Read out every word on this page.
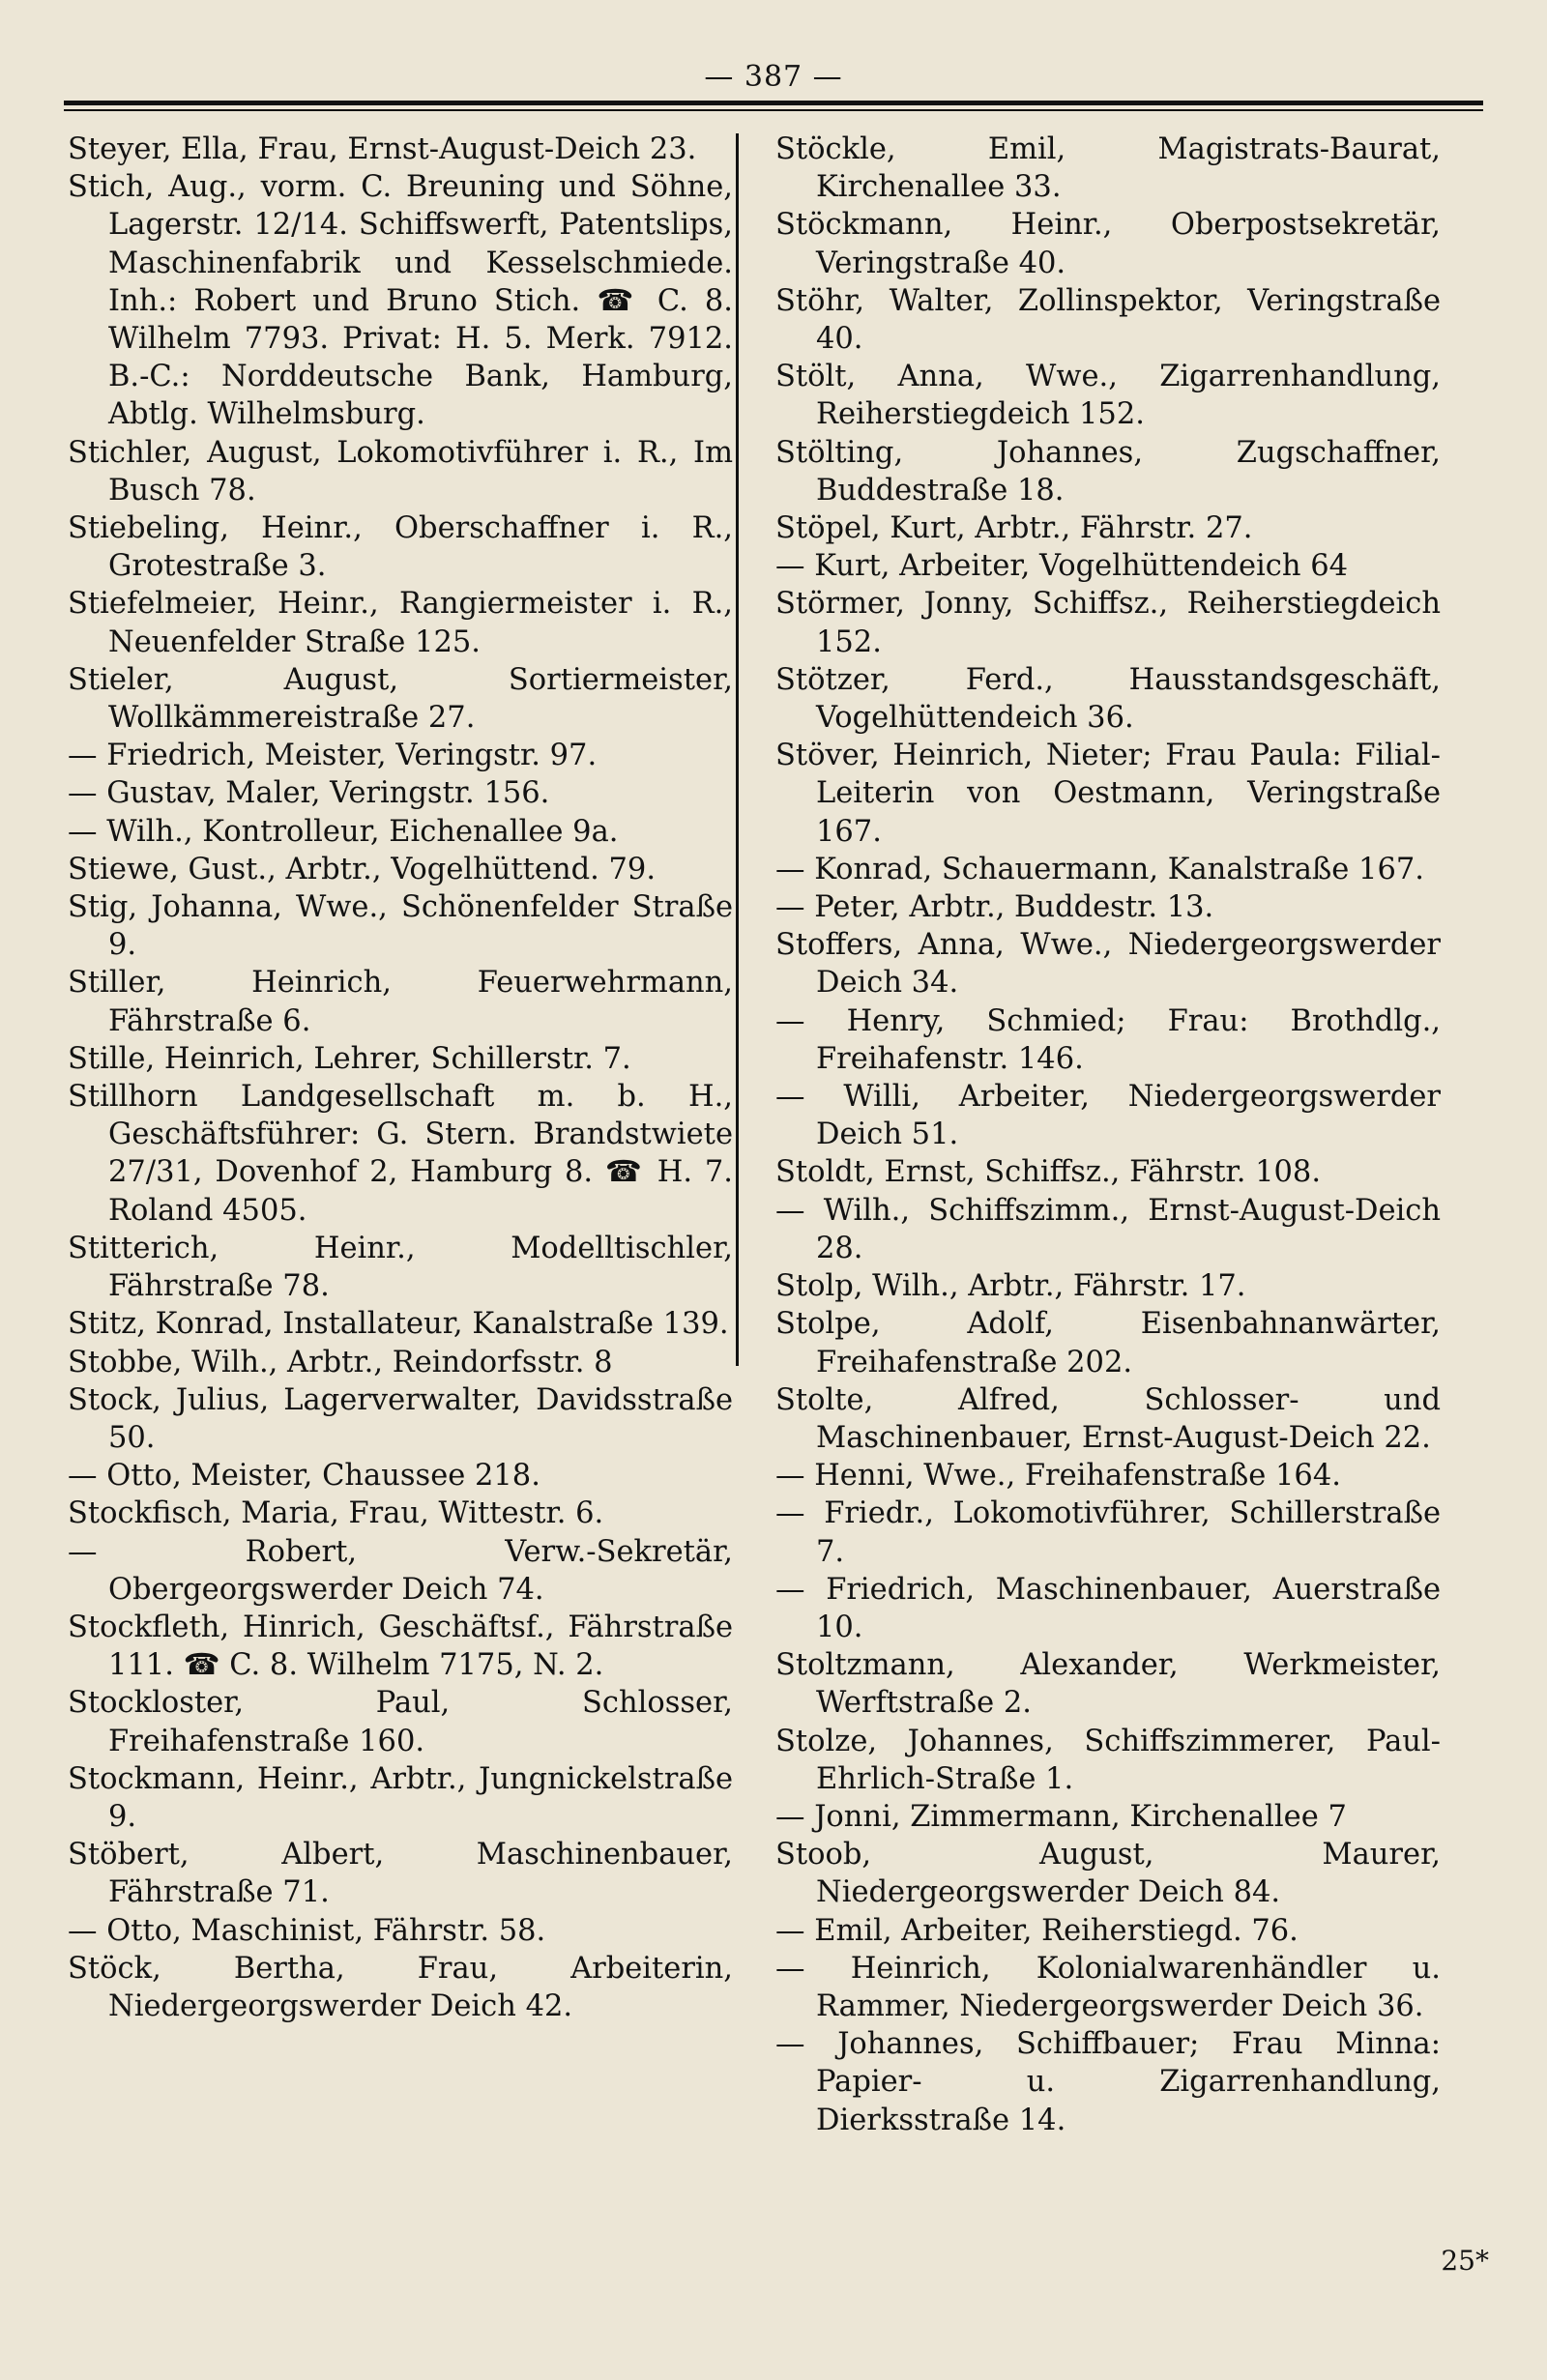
— 387 —

Steyer, Ella, Frau, Ernst-August-Deich 23.

Stich, Aug., vorm. C. Breuning und Söhne, Lagerstr. 12/14. Schiffswerft, Patentslips, Maschinenfabrik und Kesselschmiede. Inh.: Robert und Bruno Stich. ☎ C. 8. Wilhelm 7793. Privat: H. 5. Merk. 7912. B.-C.: Norddeutsche Bank, Hamburg, Abtlg. Wilhelmsburg.

Stichler, August, Lokomotivführer i. R., Im Busch 78.

Stiebeling, Heinr., Oberschaffner i. R., Grotestraße 3.

Stiefelmeier, Heinr., Rangiermeister i. R., Neuenfelder Straße 125.

Stieler, August, Sortiermeister, Wollkämmereistraße 27.

— Friedrich, Meister, Veringstr. 97.

— Gustav, Maler, Veringstr. 156.

— Wilh., Kontrolleur, Eichenallee 9a.

Stiewe, Gust., Arbtr., Vogelhüttend. 79.

Stig, Johanna, Wwe., Schönenfelder Straße 9.

Stiller, Heinrich, Feuerwehrmann, Fährstraße 6.

Stille, Heinrich, Lehrer, Schillerstr. 7.

Stillhorn Landgesellschaft m. b. H., Geschäftsführer: G. Stern. Brandstwiete 27/31, Dovenhof 2, Hamburg 8. ☎ H. 7. Roland 4505.

Stitterich, Heinr., Modelltischler, Fährstraße 78.

Stitz, Konrad, Installateur, Kanalstraße 139.

Stobbe, Wilh., Arbtr., Reindorfsstr. 8

Stock, Julius, Lagerverwalter, Davidsstraße 50.

— Otto, Meister, Chaussee 218.

Stockfisch, Maria, Frau, Wittestr. 6.

— Robert, Verw.-Sekretär, Obergeorgswerder Deich 74.

Stockfleth, Hinrich, Geschäftsf., Fährstraße 111. ☎ C. 8. Wilhelm 7175, N. 2.

Stockloster, Paul, Schlosser, Freihafenstraße 160.

Stockmann, Heinr., Arbtr., Jungnickelstraße 9.

Stöbert, Albert, Maschinenbauer, Fährstraße 71.

— Otto, Maschinist, Fährstr. 58.

Stöck, Bertha, Frau, Arbeiterin, Niedergeorgswerder Deich 42.

Stöckle, Emil, Magistrats-Baurat, Kirchenallee 33.

Stöckmann, Heinr., Oberpostsekretär, Veringstraße 40.

Stöhr, Walter, Zollinspektor, Veringstraße 40.

Stölt, Anna, Wwe., Zigarrenhandlung, Reiherstiegdeich 152.

Stölting, Johannes, Zugschaffner, Buddestraße 18.

Stöpel, Kurt, Arbtr., Fährstr. 27.

— Kurt, Arbeiter, Vogelhüttendeich 64

Störmer, Jonny, Schiffsz., Reiherstiegdeich 152.

Stötzer, Ferd., Hausstandsgeschäft, Vogelhüttendeich 36.

Stöver, Heinrich, Nieter; Frau Paula: Filial-Leiterin von Oestmann, Veringstraße 167.

— Konrad, Schauermann, Kanalstraße 167.

— Peter, Arbtr., Buddestr. 13.

Stoffers, Anna, Wwe., Niedergeorgswerder Deich 34.

— Henry, Schmied; Frau: Brothdlg., Freihafenstr. 146.

— Willi, Arbeiter, Niedergeorgswerder Deich 51.

Stoldt, Ernst, Schiffsz., Fährstr. 108.

— Wilh., Schiffszimm., Ernst-August-Deich 28.

Stolp, Wilh., Arbtr., Fährstr. 17.

Stolpe, Adolf, Eisenbahnanwärter, Freihafenstraße 202.

Stolte, Alfred, Schlosser- und Maschinenbauer, Ernst-August-Deich 22.

— Henni, Wwe., Freihafenstraße 164.

— Friedr., Lokomotivführer, Schillerstraße 7.

— Friedrich, Maschinenbauer, Auerstraße 10.

Stoltzmann, Alexander, Werkmeister, Werftstraße 2.

Stolze, Johannes, Schiffszimmerer, Paul-Ehrlich-Straße 1.

— Jonni, Zimmermann, Kirchenallee 7

Stoob, August, Maurer, Niedergeorgswerder Deich 84.

— Emil, Arbeiter, Reiherstiegd. 76.

— Heinrich, Kolonialwarenhändler u. Rammer, Niedergeorgswerder Deich 36.

— Johannes, Schiffbauer; Frau Minna: Papier- u. Zigarrenhandlung, Dierksstraße 14.

25*
